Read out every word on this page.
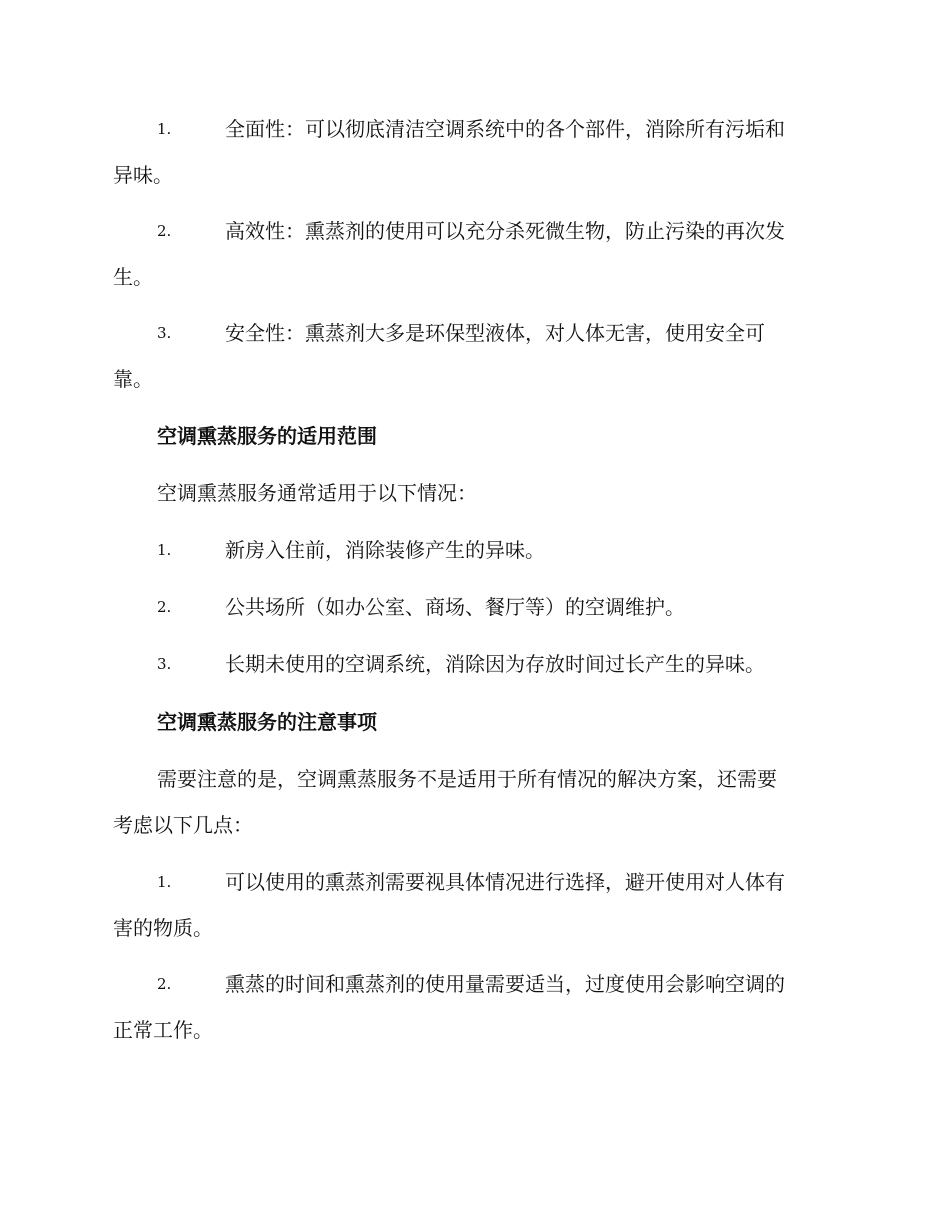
1.	全面性：可以彻底清洁空调系统中的各个部件，消除所有污垢和
异味。
2.	高效性：熏蒸剂的使用可以充分杀死微生物，防止污染的再次发
生。
3.	安全性：熏蒸剂大多是环保型液体，对人体无害，使用安全可
靠。
空调熏蒸服务的适用范围
空调熏蒸服务通常适用于以下情况：
1.	新房入住前，消除装修产生的异味。
2.	公共场所（如办公室、商场、餐厅等）的空调维护。
3.	长期未使用的空调系统，消除因为存放时间过长产生的异味。
空调熏蒸服务的注意事项
需要注意的是，空调熏蒸服务不是适用于所有情况的解决方案，还需要
考虑以下几点：
1.	可以使用的熏蒸剂需要视具体情况进行选择，避开使用对人体有
害的物质。
2.	熏蒸的时间和熏蒸剂的使用量需要适当，过度使用会影响空调的
正常工作。
